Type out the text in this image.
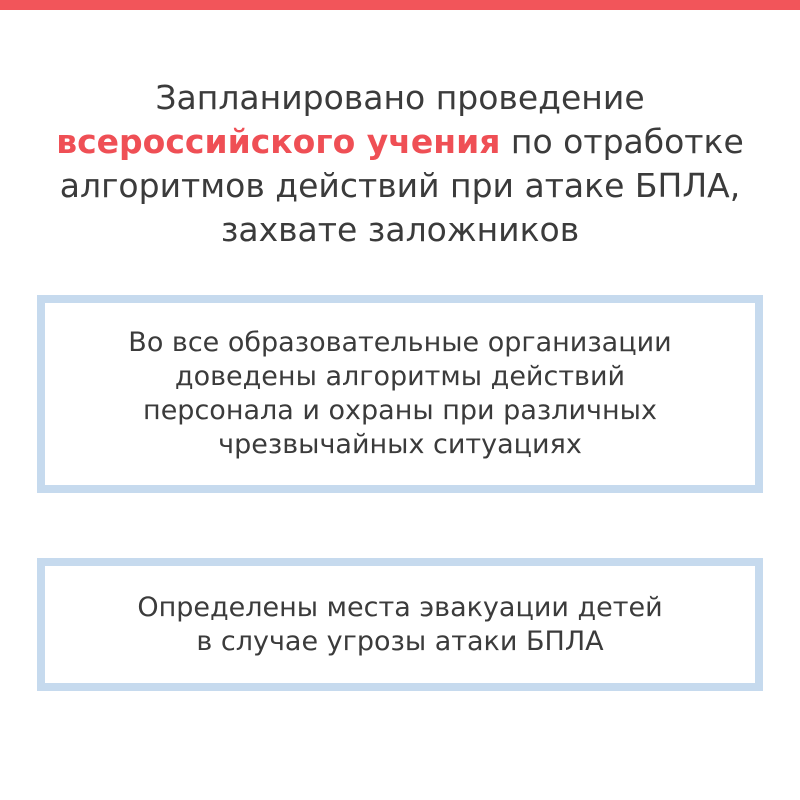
Запланировано проведение
всероссийского учения по отработке
алгоритмов действий при атаке БПЛА,
захвате заложников

Во все образовательные организации
доведены алгоритмы действий
персонала и охраны при различных
чрезвычайных ситуациях

Определены места эвакуации детей
в случае угрозы атаки БПЛА
